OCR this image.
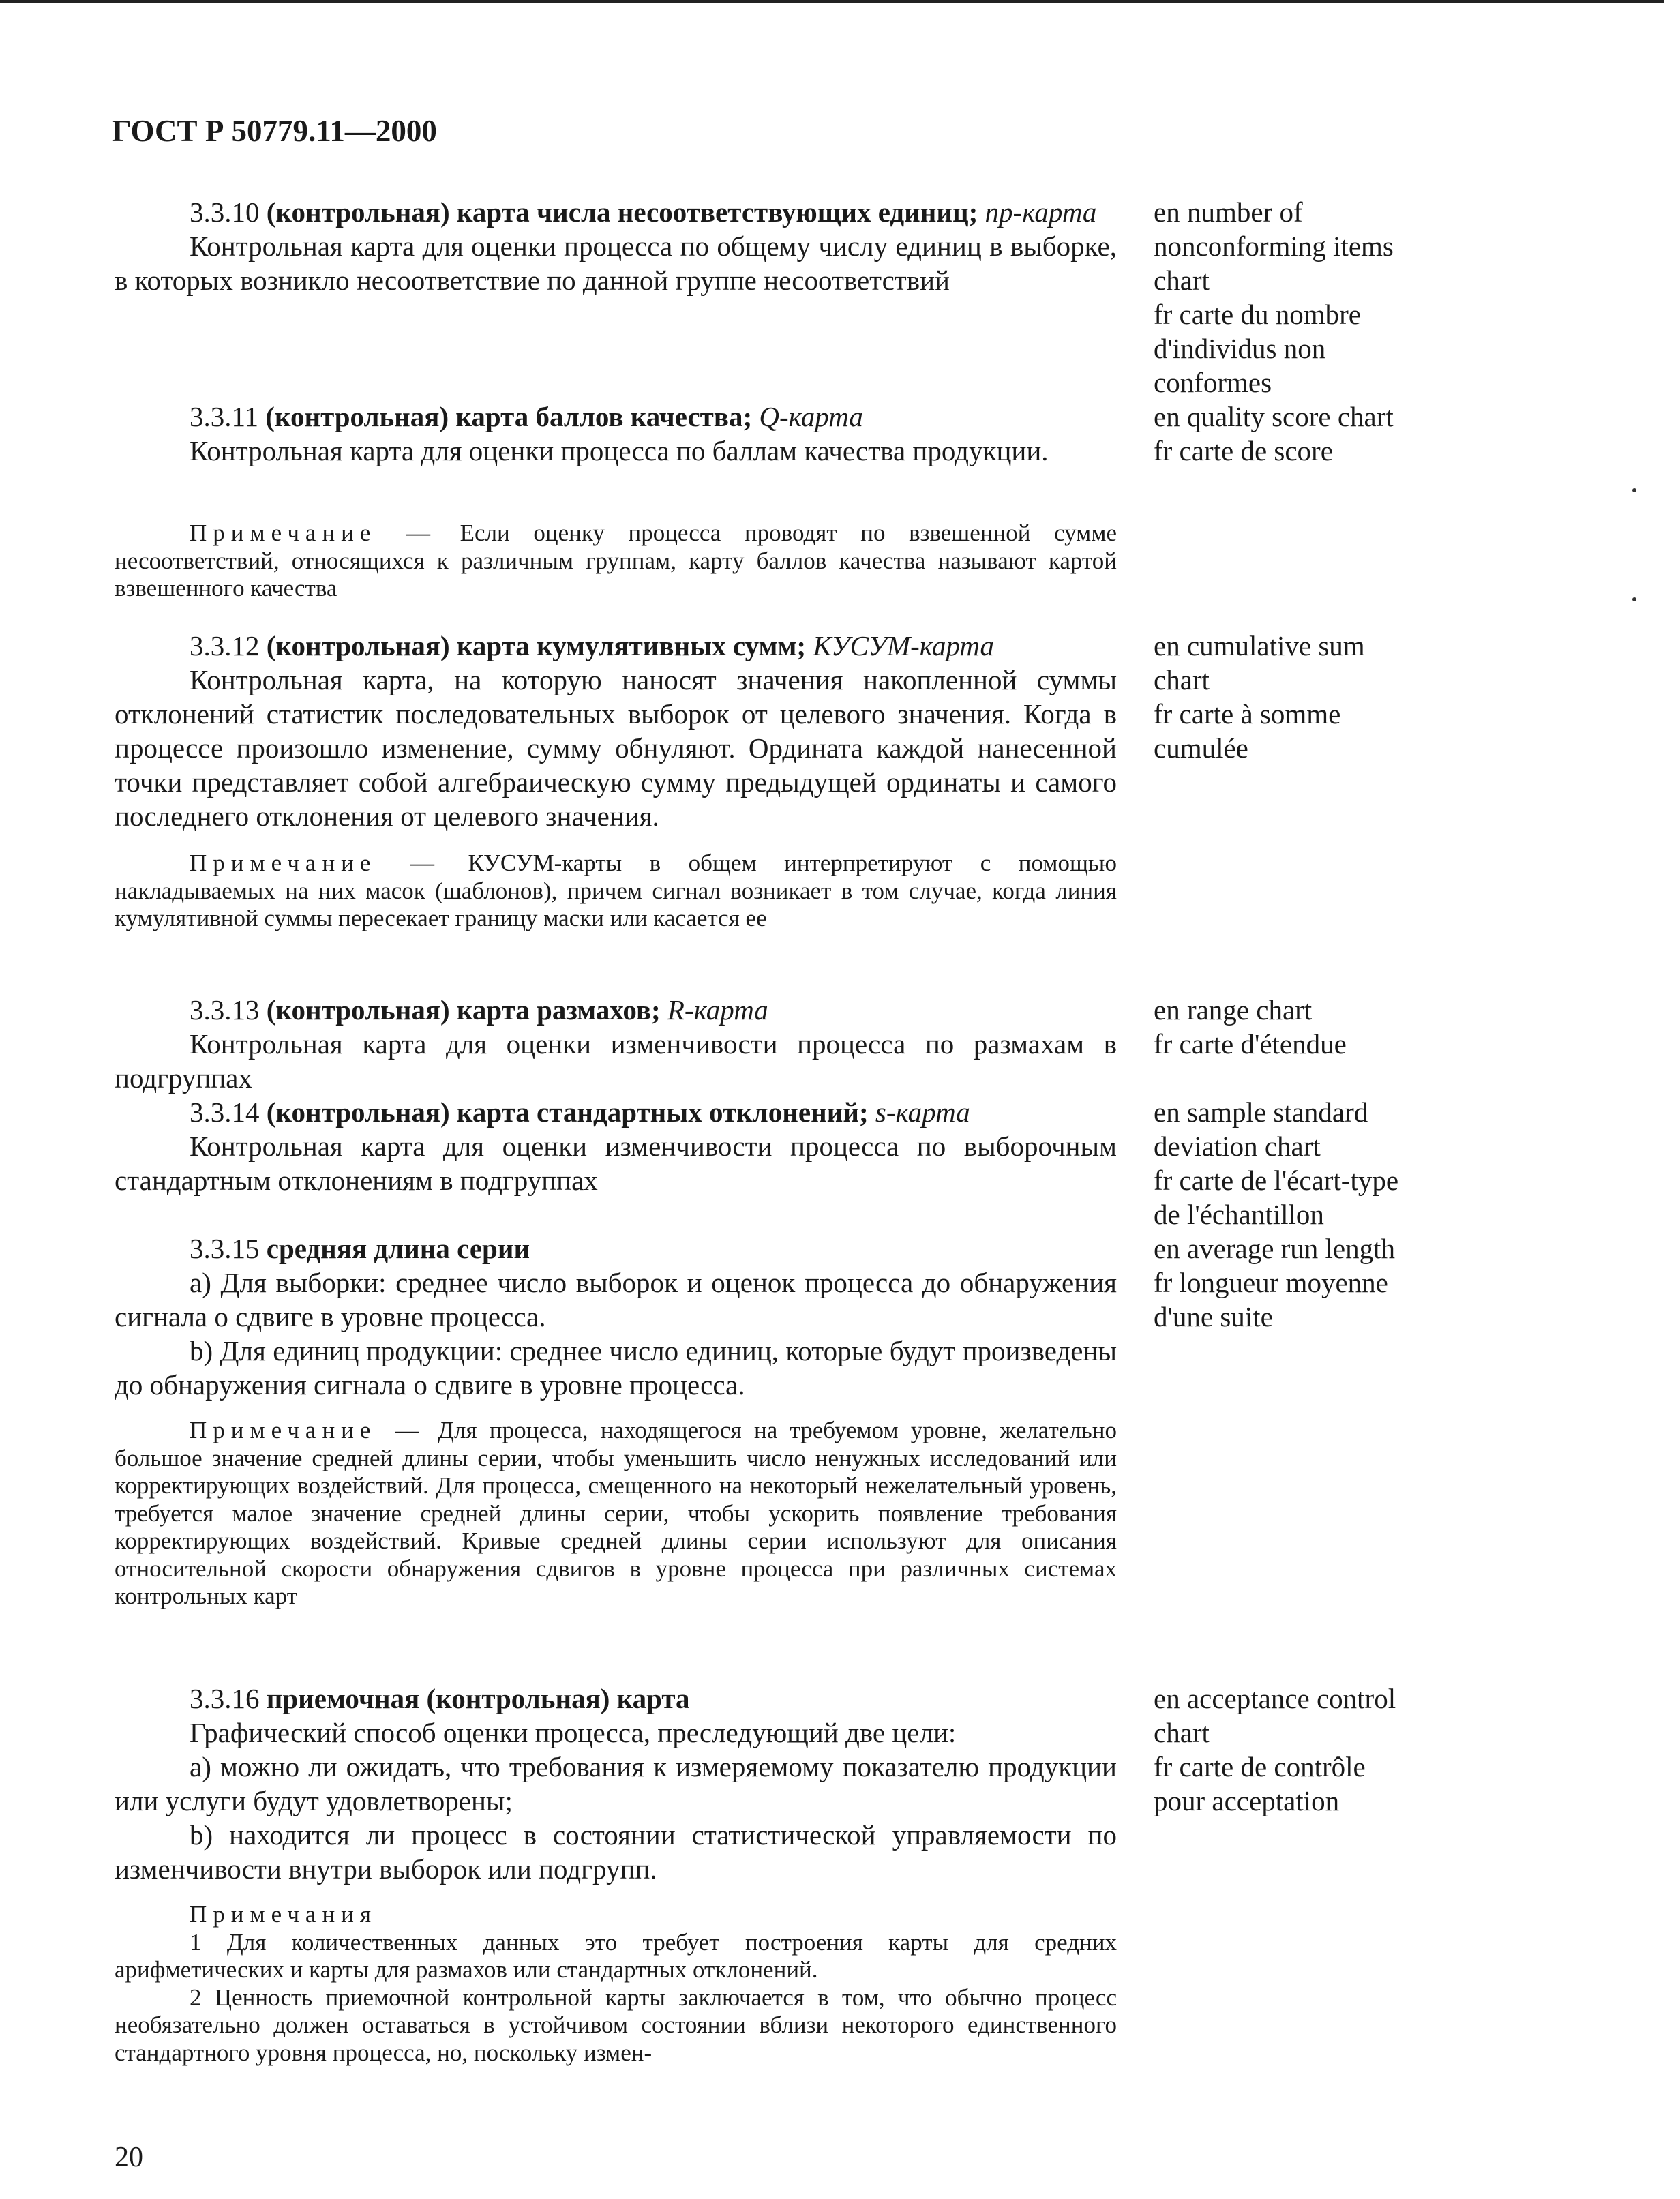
ГОСТ Р 50779.11—2000

3.3.10 (контрольная) карта числа несоответствующих единиц; np-карта

Контрольная карта для оценки процесса по общему числу единиц в выборке, в которых возникло несоответствие по данной группе несоответствий

en number of
nonconforming items
chart
fr carte du nombre
d'individus non
conformes

3.3.11 (контрольная) карта баллов качества; Q-карта

Контрольная карта для оценки процесса по баллам качества продукции.

en quality score chart
fr carte de score

Примечание — Если оценку процесса проводят по взвешенной сумме несоответствий, относящихся к различным группам, карту баллов качества называют картой взвешенного качества

3.3.12 (контрольная) карта кумулятивных сумм; КУСУМ-карта

Контрольная карта, на которую наносят значения накопленной суммы отклонений статистик последовательных выборок от целевого значения. Когда в процессе произошло изменение, сумму обнуляют. Ордината каждой нанесенной точки представляет собой алгебраическую сумму предыдущей ординаты и самого последнего отклонения от целевого значения.

en cumulative sum
chart
fr carte à somme
cumulée

Примечание — КУСУМ-карты в общем интерпретируют с помощью накладываемых на них масок (шаблонов), причем сигнал возникает в том случае, когда линия кумулятивной суммы пересекает границу маски или касается ее

3.3.13 (контрольная) карта размахов; R-карта

Контрольная карта для оценки изменчивости процесса по размахам в подгруппах

en range chart
fr carte d'étendue

3.3.14 (контрольная) карта стандартных отклонений; s-карта

Контрольная карта для оценки изменчивости процесса по выборочным стандартным отклонениям в подгруппах

en sample standard
deviation chart
fr carte de l'écart-type
de l'échantillon

3.3.15 средняя длина серии

а) Для выборки: среднее число выборок и оценок процесса до обнаружения сигнала о сдвиге в уровне процесса.

b) Для единиц продукции: среднее число единиц, которые будут произведены до обнаружения сигнала о сдвиге в уровне процесса.

en average run length
fr longueur moyenne
d'une suite

Примечание — Для процесса, находящегося на требуемом уровне, желательно большое значение средней длины серии, чтобы уменьшить число ненужных исследований или корректирующих воздействий. Для процесса, смещенного на некоторый нежелательный уровень, требуется малое значение средней длины серии, чтобы ускорить появление требования корректирующих воздействий. Кривые средней длины серии используют для описания относительной скорости обнаружения сдвигов в уровне процесса при различных системах контрольных карт

3.3.16 приемочная (контрольная) карта

Графический способ оценки процесса, преследующий две цели:

а) можно ли ожидать, что требования к измеряемому показателю продукции или услуги будут удовлетворены;

b) находится ли процесс в состоянии статистической управляемости по изменчивости внутри выборок или подгрупп.

en acceptance control
chart
fr carte de contrôle
pour acceptation

Примечания

1 Для количественных данных это требует построения карты для средних арифметических и карты для размахов или стандартных отклонений.

2 Ценность приемочной контрольной карты заключается в том, что обычно процесс необязательно должен оставаться в устойчивом состоянии вблизи некоторого единственного стандартного уровня процесса, но, поскольку измен-

20
